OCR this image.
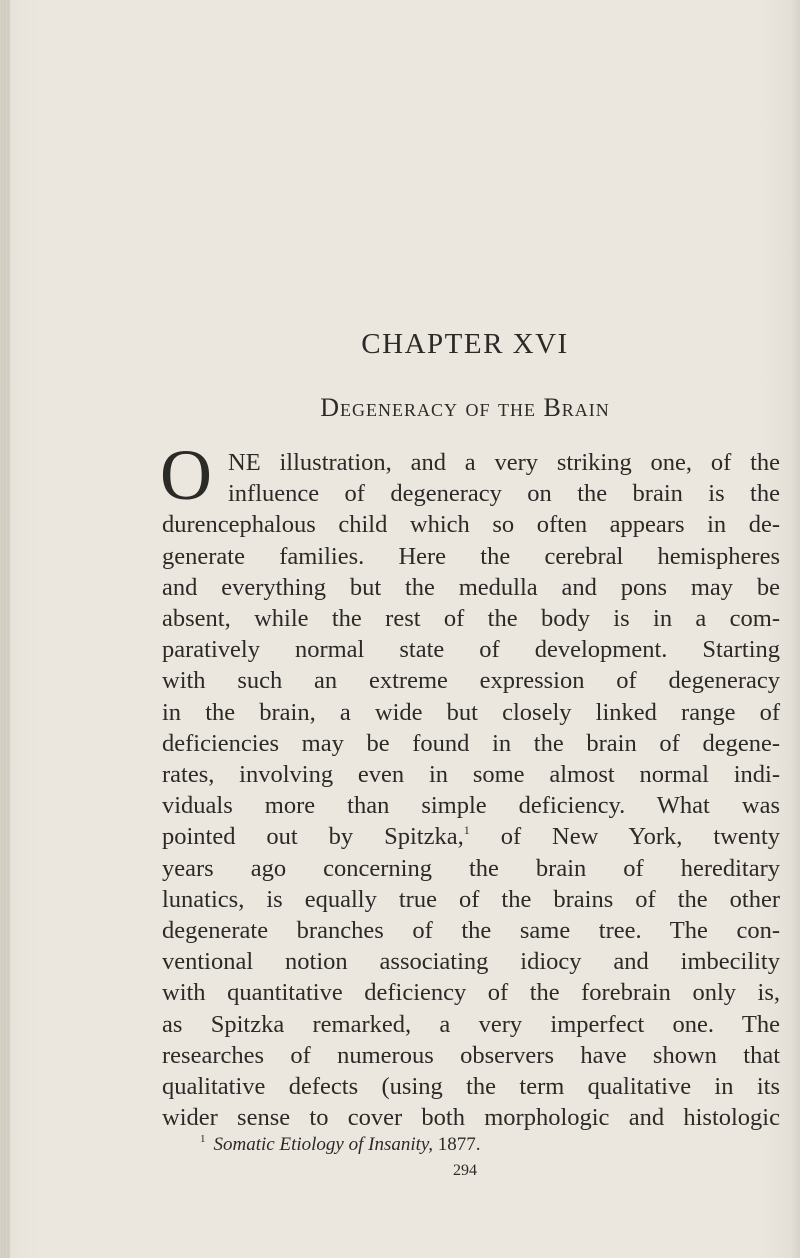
CHAPTER XVI
Degeneracy of the Brain
O NE illustration, and a very striking one, of the
influence of degeneracy on the brain is the
durencephalous child which so often appears in de-
generate families. Here the cerebral hemispheres
and everything but the medulla and pons may be
absent, while the rest of the body is in a com-
paratively normal state of development. Starting
with such an extreme expression of degeneracy
in the brain, a wide but closely linked range of
deficiencies may be found in the brain of degene-
rates, involving even in some almost normal indi-
viduals more than simple deficiency. What was
pointed out by Spitzka,$^1$ of New York, twenty
years ago concerning the brain of hereditary
lunatics, is equally true of the brains of the other
degenerate branches of the same tree. The con-
ventional notion associating idiocy and imbecility
with quantitative deficiency of the forebrain only is,
as Spitzka remarked, a very imperfect one. The
researches of numerous observers have shown that
qualitative defects (using the term qualitative in its
wider sense to cover both morphologic and histologic
$^1$ Somatic Etiology of Insanity, 1877.
294
